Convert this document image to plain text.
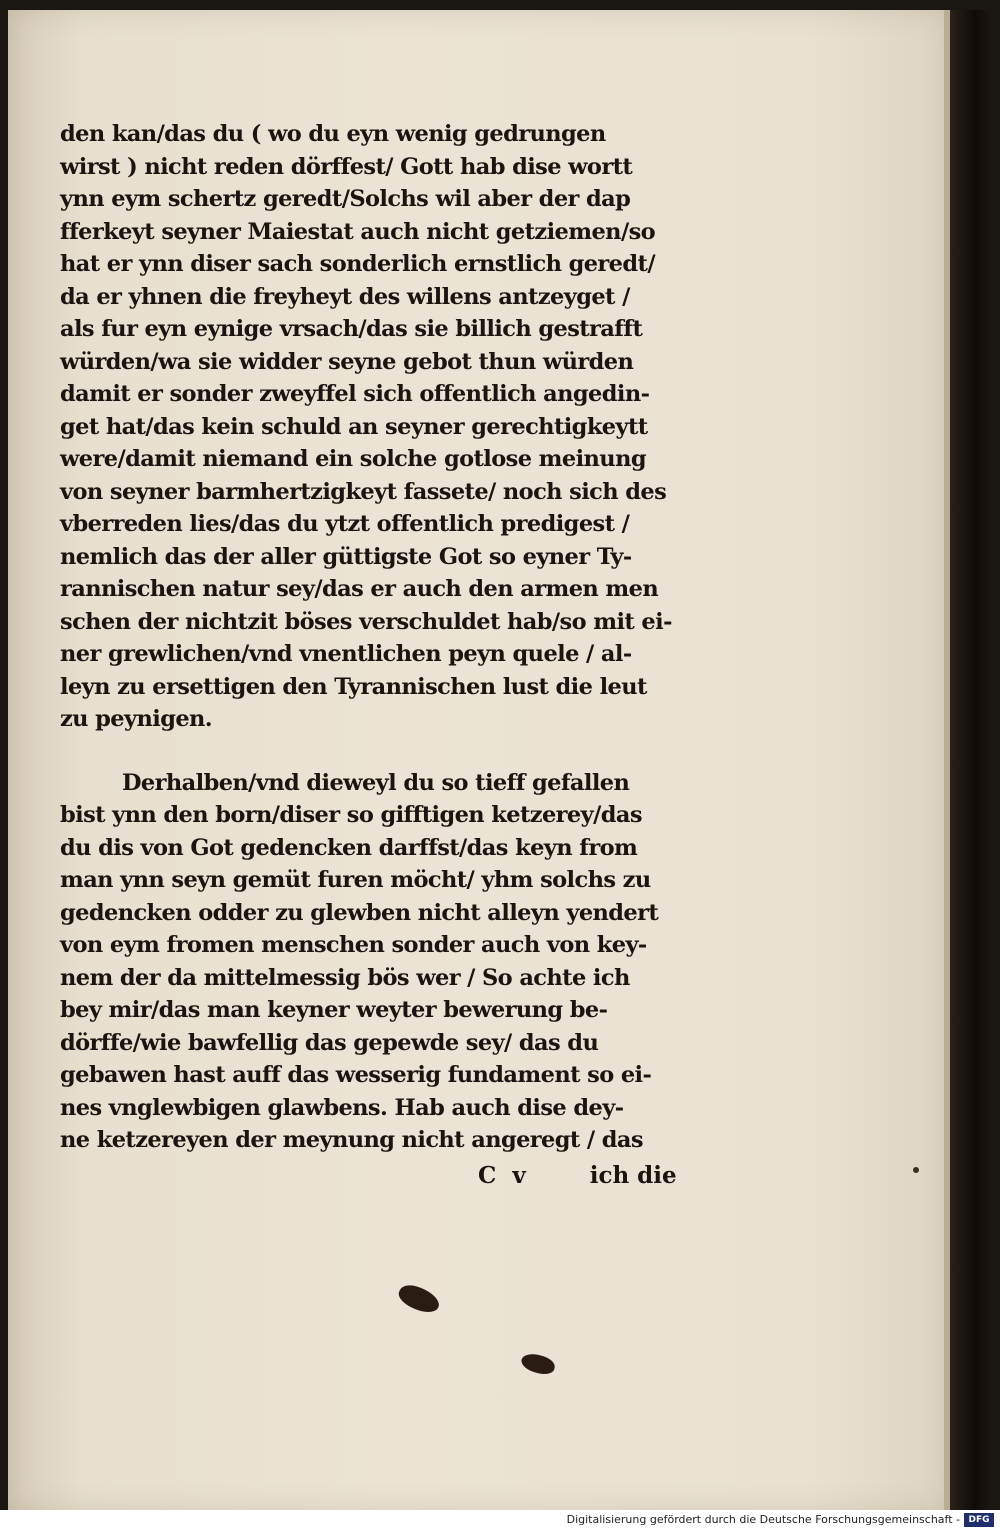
den kan/das du ( wo du eyn wenig gedrungen
wirst ) nicht reden dörffest/ Gott hab dise wortt
ynn eym schertz geredt/Solchs wil aber der dap
fferkeyt seyner Maiestat auch nicht getziemen/so
hat er ynn diser sach sonderlich ernstlich geredt/
da er yhnen die freyheyt des willens antzeyget /
als fur eyn eynige vrsach/das sie billich gestrafft
würden/wa sie widder seyne gebot thun würden
damit er sonder zweyffel sich offentlich angedin-
get hat/das kein schuld an seyner gerechtigkeytt
were/damit niemand ein solche gotlose meinung
von seyner barmhertzigkeyt fassete/ noch sich des
vberreden lies/das du ytzt offentlich predigest /
nemlich das der aller güttigste Got so eyner Ty-
rannischen natur sey/das er auch den armen men
schen der nichtzit böses verschuldet hab/so mit ei-
ner grewlichen/vnd vnentlichen peyn quele / al-
leyn zu ersettigen den Tyrannischen lust die leut
zu peynigen.
Derhalben/vnd dieweyl du so tieff gefallen
bist ynn den born/diser so gifftigen ketzerey/das
du dis von Got gedencken darffst/das keyn from
man ynn seyn gemüt furen möcht/ yhm solchs zu
gedencken odder zu glewben nicht alleyn yendert
von eym fromen menschen sonder auch von key-
nem der da mittelmessig bös wer / So achte ich
bey mir/das man keyner weyter bewerung be-
dörffe/wie bawfellig das gepewde sey/ das du
gebawen hast auff das wesserig fundament so ei-
nes vnglewbigen glawbens. Hab auch dise dey-
ne ketzereyen der meynung nicht angeregt / das
C v	ich die
Digitalisierung gefördert durch die Deutsche Forschungsgemeinschaft - DFG
